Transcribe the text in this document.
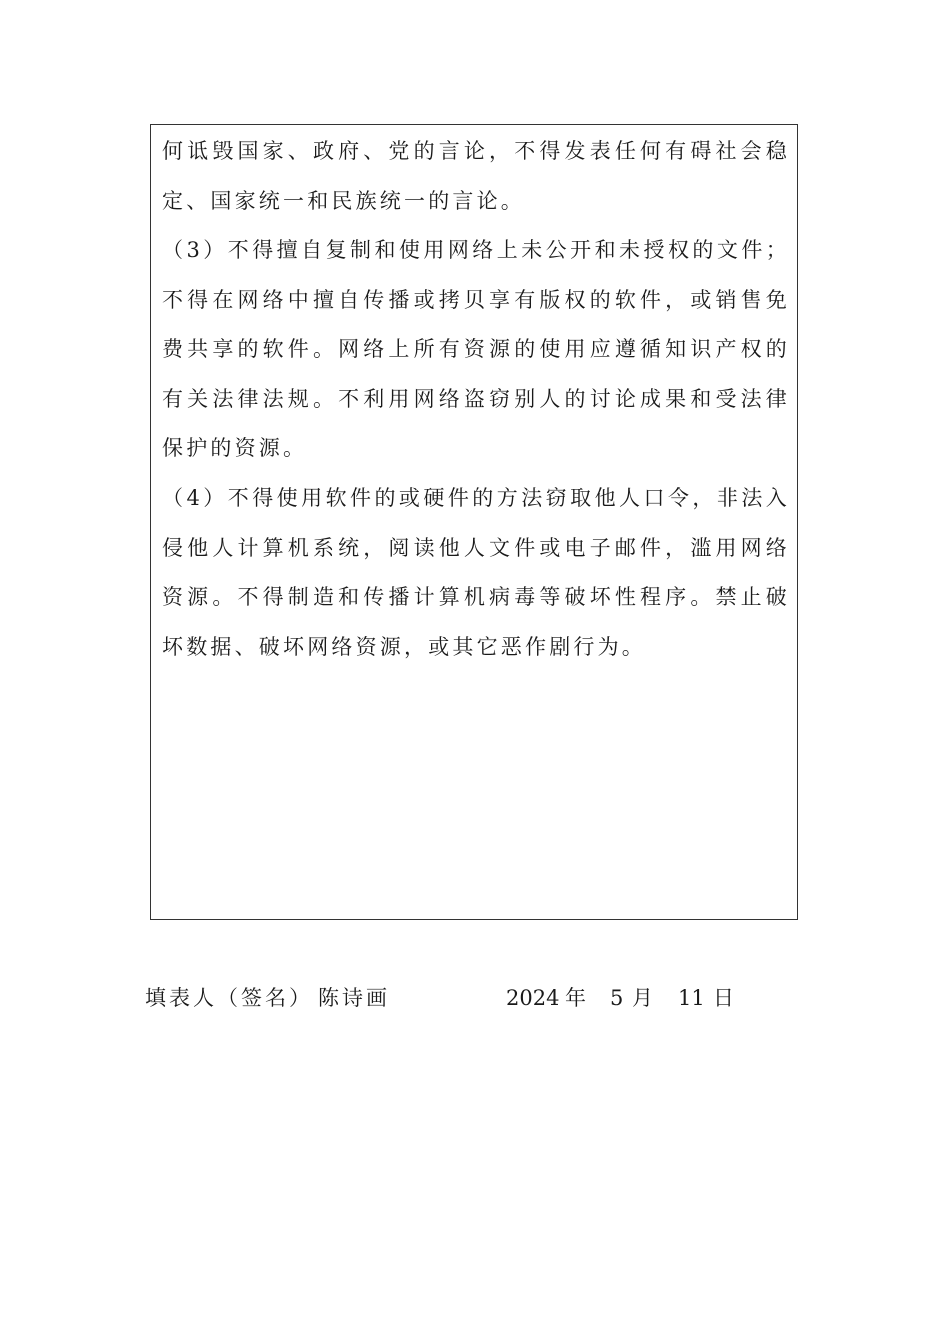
何诋毁国家、政府、党的言论，不得发表任何有碍社会稳定、国家统一和民族统一的言论。

（3）不得擅自复制和使用网络上未公开和未授权的文件；不得在网络中擅自传播或拷贝享有版权的软件，或销售免费共享的软件。网络上所有资源的使用应遵循知识产权的有关法律法规。不利用网络盗窃别人的讨论成果和受法律保护的资源。

（4）不得使用软件的或硬件的方法窃取他人口令，非法入侵他人计算机系统，阅读他人文件或电子邮件，滥用网络资源。不得制造和传播计算机病毒等破坏性程序。禁止破坏数据、破坏网络资源，或其它恶作剧行为。

填表人（签名） 陈诗画	2024 年 5 月 11 日
